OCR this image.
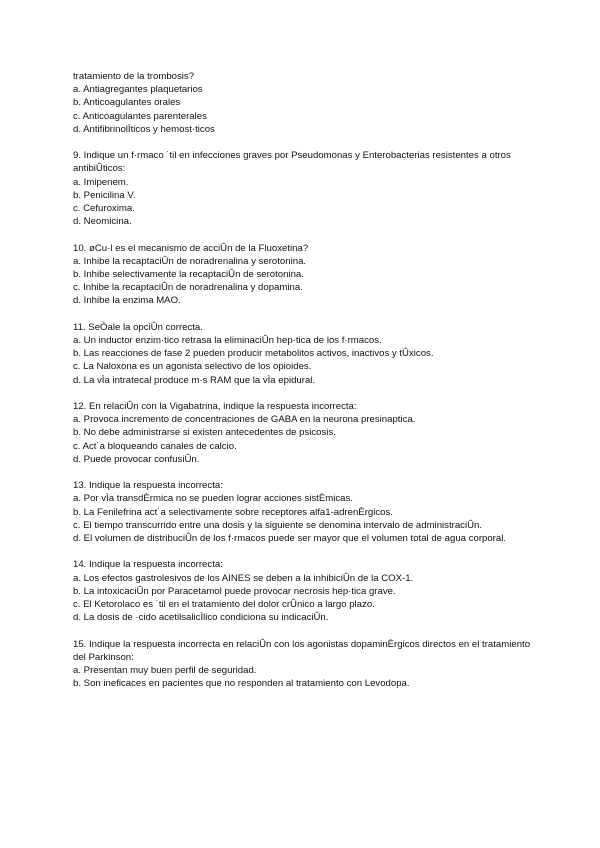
tratamiento de la trombosis?
a. Antiagregantes plaquetarios
b. Anticoagulantes orales
c. Anticoagulantes parenterales
d. AntifibrinolÌticos y hemost·ticos
9. Indique un f·rmaco ˙til en infecciones graves por Pseudomonas y Enterobacterias resistentes a otros antibiÛticos:
a. Imipenem.
b. Penicilina V.
c. Cefuroxima.
d. Neomicina.
10. øCu·l es el mecanismo de acciÛn de la Fluoxetina?
a. Inhibe la recaptaciÛn de noradrenalina y serotonina.
b. Inhibe selectivamente la recaptaciÛn de serotonina.
c. Inhibe la recaptaciÛn de noradrenalina y dopamina.
d. Inhibe la enzima MAO.
11. SeÒale la opciÛn correcta.
a. Un inductor enzim·tico retrasa la eliminaciÛn hep·tica de los f·rmacos.
b. Las reacciones de fase 2 pueden producir metabolitos activos, inactivos y tÛxicos.
c. La Naloxona es un agonista selectivo de los opioides.
d. La vÌa intratecal produce m·s RAM que la vÌa epidural.
12. En relaciÛn con la Vigabatrina, indique la respuesta incorrecta:
a. Provoca incremento de concentraciones de GABA en la neurona presinaptica.
b. No debe administrarse si existen antecedentes de psicosis.
c. Act˙a bloqueando canales de calcio.
d. Puede provocar confusiÛn.
13. Indique la respuesta incorrecta:
a. Por vÌa transdÈrmica no se pueden lograr acciones sistÈmicas.
b. La Fenilefrina act˙a selectivamente sobre receptores alfa1-adrenÈrgicos.
c. El tiempo transcurrido entre una dosis y la siguiente se denomina intervalo de administraciÛn.
d. El volumen de distribuciÛn de los f·rmacos puede ser mayor que el volumen total de agua corporal.
14. Indique la respuesta incorrecta:
a. Los efectos gastrolesivos de los AINES se deben a la inhibiciÛn de la COX-1.
b. La intoxicaciÛn por Paracetamol puede provocar necrosis hep·tica grave.
c. El Ketorolaco es ˙til en el tratamiento del dolor crÛnico a largo plazo.
d. La dosis de ·cido acetilsalicÌlico condiciona su indicaciÛn.
15. Indique la respuesta incorrecta en relaciÛn con los agonistas dopaminÈrgicos directos en el tratamiento del Parkinson:
a. Presentan muy buen perfil de seguridad.
b. Son ineficaces en pacientes que no responden al tratamiento con Levodopa.
